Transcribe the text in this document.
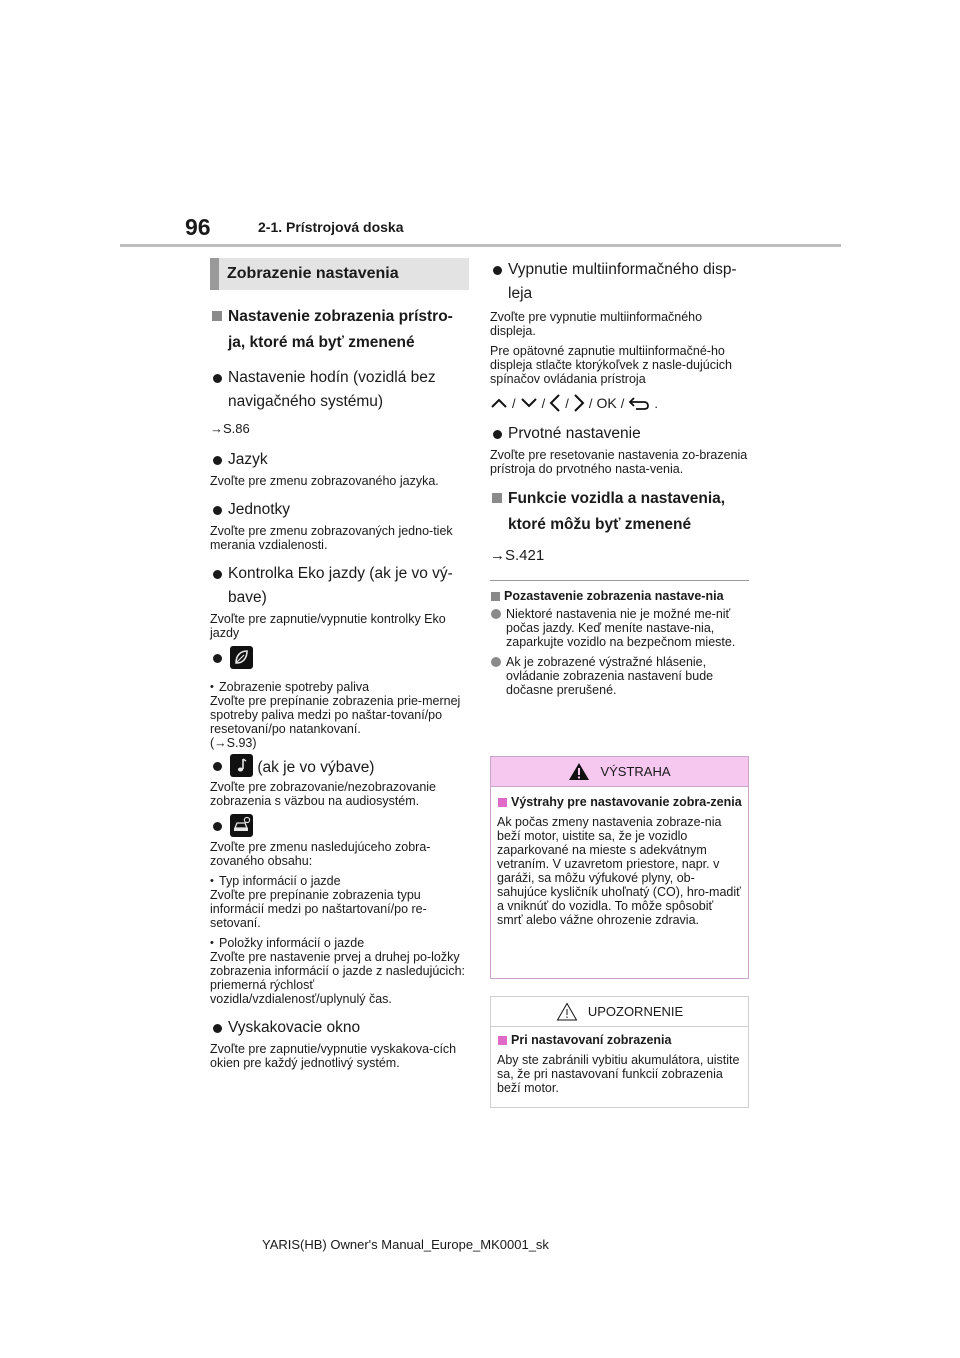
96	2-1. Prístrojová doska
Zobrazenie nastavenia
Nastavenie zobrazenia prístro-ja, ktoré má byť zmenené
Nastavenie hodín (vozidlá bez navigačného systému)
→S.86
Jazyk
Zvoľte pre zmenu zobrazovaného jazyka.
Jednotky
Zvoľte pre zmenu zobrazovaných jedno-tiek merania vzdialenosti.
Kontrolka Eko jazdy (ak je vo vý-bave)
Zvoľte pre zapnutie/vypnutie kontrolky Eko jazdy
• Zobrazenie spotreby paliva
Zvoľte pre prepínanie zobrazenia prie-mernej spotreby paliva medzi po naštar-tovaní/po resetovaní/po natankovaní.
(→S.93)
(ak je vo výbave)
Zvoľte pre zobrazovanie/nezobrazovanie zobrazenia s väzbou na audiosystém.
Zvoľte pre zmenu nasledujúceho zobra-zovaného obsahu:
• Typ informácií o jazde
Zvoľte pre prepínanie zobrazenia typu informácií medzi po naštartovaní/po re-setovaní.
• Položky informácií o jazde
Zvoľte pre nastavenie prvej a druhej po-ložky zobrazenia informácií o jazde z nasledujúcich: priemerná rýchlosť vozidla/vzdialenosť/uplynulý čas.
Vyskakovacie okno
Zvoľte pre zapnutie/vypnutie vyskakova-cích okien pre každý jednotlivý systém.
Vypnutie multiinformačného disp-leja
Zvoľte pre vypnutie multiinformačného displeja.
Pre opätovné zapnutie multiinformačné-ho displeja stlačte ktorýkoľvek z nasle-dujúcich spínačov ovládania prístroja
/ / / / OK / .
Prvotné nastavenie
Zvoľte pre resetovanie nastavenia zo-brazenia prístroja do prvotného nasta-venia.
Funkcie vozidla a nastavenia, ktoré môžu byť zmenené
→S.421
Pozastavenie zobrazenia nastave-nia
Niektoré nastavenia nie je možné me-niť počas jazdy. Keď meníte nastave-nia, zaparkujte vozidlo na bezpečnom mieste.
Ak je zobrazené výstražné hlásenie, ovládanie zobrazenia nastavení bude dočasne prerušené.
VÝSTRAHA
Výstrahy pre nastavovanie zobra-zenia
Ak počas zmeny nastavenia zobraze-nia beží motor, uistite sa, že je vozidlo zaparkované na mieste s adekvátnym vetraním. V uzavretom priestore, napr. v garáži, sa môžu výfukové plyny, ob-sahujúce kysličník uhoľnatý (CO), hro-madiť a vniknúť do vozidla. To môže spôsobiť smrť alebo vážne ohrozenie zdravia.
UPOZORNENIE
Pri nastavovaní zobrazenia
Aby ste zabránili vybitiu akumulátora, uistite sa, že pri nastavovaní funkcií zobrazenia beží motor.
YARIS(HB) Owner's Manual_Europe_MK0001_sk
